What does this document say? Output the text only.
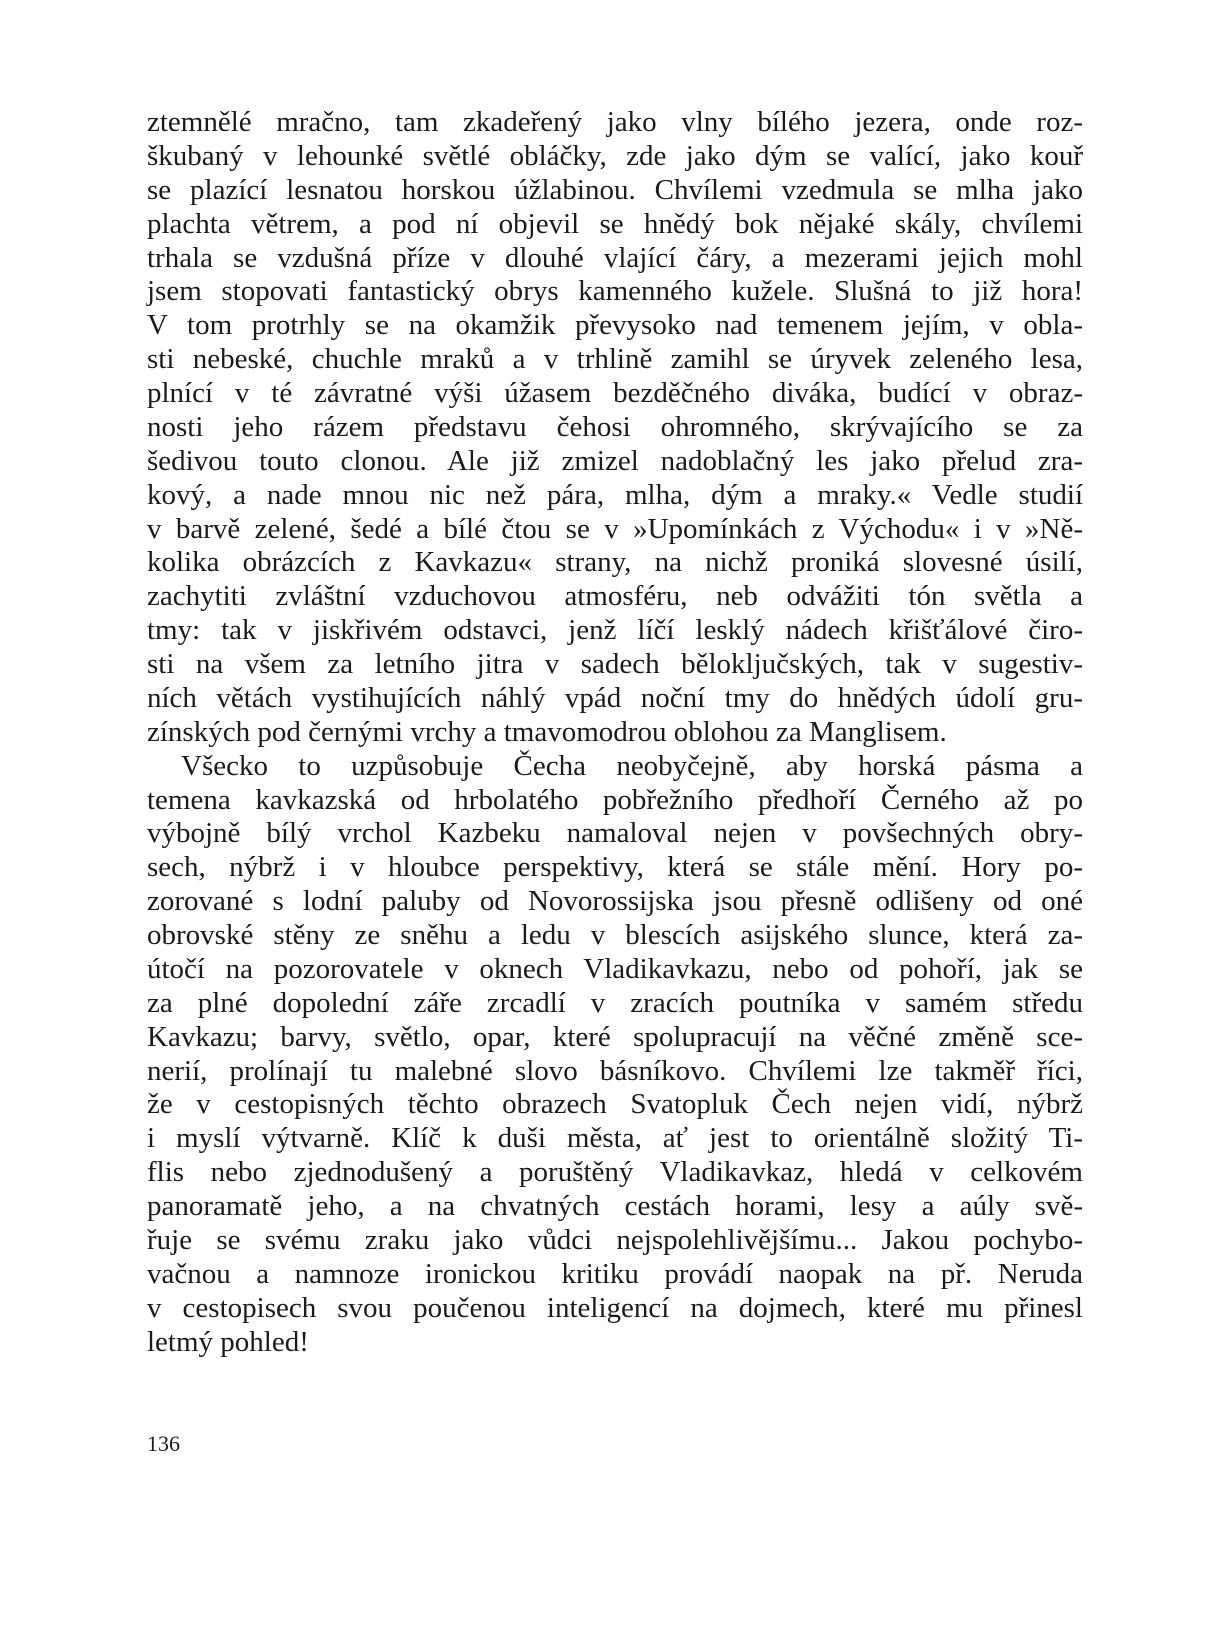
ztemnělé mračno, tam zkadeřený jako vlny bílého jezera, onde roz-
škubaný v lehounké světlé obláčky, zde jako dým se valící, jako kouř
se plazící lesnatou horskou úžlabinou. Chvílemi vzedmula se mlha jako
plachta větrem, a pod ní objevil se hnědý bok nějaké skály, chvílemi
trhala se vzdušná příze v dlouhé vlající čáry, a mezerami jejich mohl
jsem stopovati fantastický obrys kamenného kužele. Slušná to již hora!
V tom protrhly se na okamžik převysoko nad temenem jejím, v obla-
sti nebeské, chuchle mraků a v trhlině zamihl se úryvek zeleného lesa,
plnící v té závratné výši úžasem bezděčného diváka, budící v obraz-
nosti jeho rázem představu čehosi ohromného, skrývajícího se za
šedivou touto clonou. Ale již zmizel nadoblačný les jako přelud zra-
kový, a nade mnou nic než pára, mlha, dým a mraky.« Vedle studií
v barvě zelené, šedé a bílé čtou se v »Upomínkách z Východu« i v »Ně-
kolika obrázcích z Kavkazu« strany, na nichž proniká slovesné úsilí,
zachytiti zvláštní vzduchovou atmosféru, neb odvážiti tón světla a
tmy: tak v jiskřivém odstavci, jenž líčí lesklý nádech křišťálové čiro-
sti na všem za letního jitra v sadech běloključských, tak v sugestiv-
ních větách vystihujících náhlý vpád noční tmy do hnědých údolí gru-
zínských pod černými vrchy a tmavomodrou oblohou za Manglisem.
Všecko to uzpůsobuje Čecha neobyčejně, aby horská pásma a
temena kavkazská od hrbolatého pobřežního předhoří Černého až po
výbojně bílý vrchol Kazbeku namaloval nejen v povšechných obry-
sech, nýbrž i v hloubce perspektivy, která se stále mění. Hory po-
zorované s lodní paluby od Novorossijska jsou přesně odlišeny od oné
obrovské stěny ze sněhu a ledu v blescích asijského slunce, která za-
útočí na pozorovatele v oknech Vladikavkazu, nebo od pohoří, jak se
za plné dopolední záře zrcadlí v zracích poutníka v samém středu
Kavkazu; barvy, světlo, opar, které spolupracují na věčné změně sce-
nerií, prolínají tu malebné slovo básníkovo. Chvílemi lze takměř říci,
že v cestopisných těchto obrazech Svatopluk Čech nejen vidí, nýbrž
i myslí výtvarně. Klíč k duši města, ať jest to orientálně složitý Ti-
flis nebo zjednodušený a poruštěný Vladikavkaz, hledá v celkovém
panoramatě jeho, a na chvatných cestách horami, lesy a aúly svě-
řuje se svému zraku jako vůdci nejspolehlivějšímu... Jakou pochybo-
vačnou a namnoze ironickou kritiku provádí naopak na př. Neruda
v cestopisech svou poučenou inteligencí na dojmech, které mu přinesl
letmý pohled!
136
